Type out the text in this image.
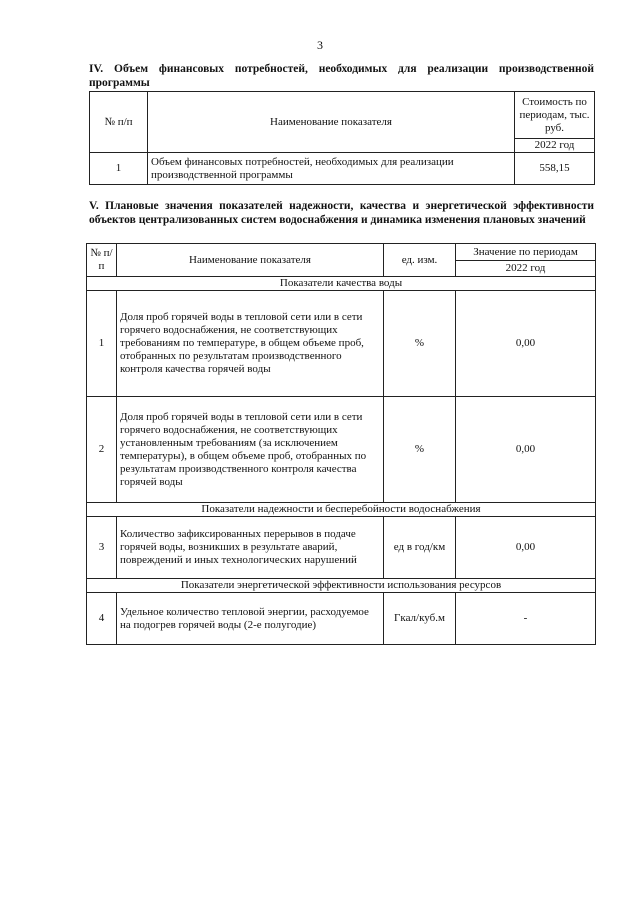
3
IV. Объем финансовых потребностей, необходимых для реализации производственной программы
№ п/п	Наименование показателя	Стоимость по периодам, тыс. руб.
		2022 год
1	Объем финансовых потребностей, необходимых для реализации производственной программы	558,15
V. Плановые значения показателей надежности, качества и энергетической эффективности объектов централизованных систем водоснабжения и динамика изменения плановых значений
№ п/п	Наименование показателя	ед. изм.	Значение по периодам
			2022 год
Показатели качества воды			
1	Доля проб горячей воды в тепловой сети или в сети горячего водоснабжения, не соответствующих требованиям по температуре, в общем объеме проб, отобранных по результатам производственного контроля качества горячей воды	%	0,00
2	Доля проб горячей воды в тепловой сети или в сети горячего водоснабжения, не соответствующих установленным требованиям (за исключением температуры), в общем объеме проб, отобранных по результатам производственного контроля качества горячей воды	%	0,00
Показатели надежности и бесперебойности водоснабжения			
3	Количество зафиксированных перерывов в подаче горячей воды, возникших в результате аварий, повреждений и иных технологических нарушений	ед в год/км	0,00
Показатели энергетической эффективности использования ресурсов			
4	Удельное количество тепловой энергии, расходуемое на подогрев горячей воды (2-е полугодие)	Гкал/куб.м	-
